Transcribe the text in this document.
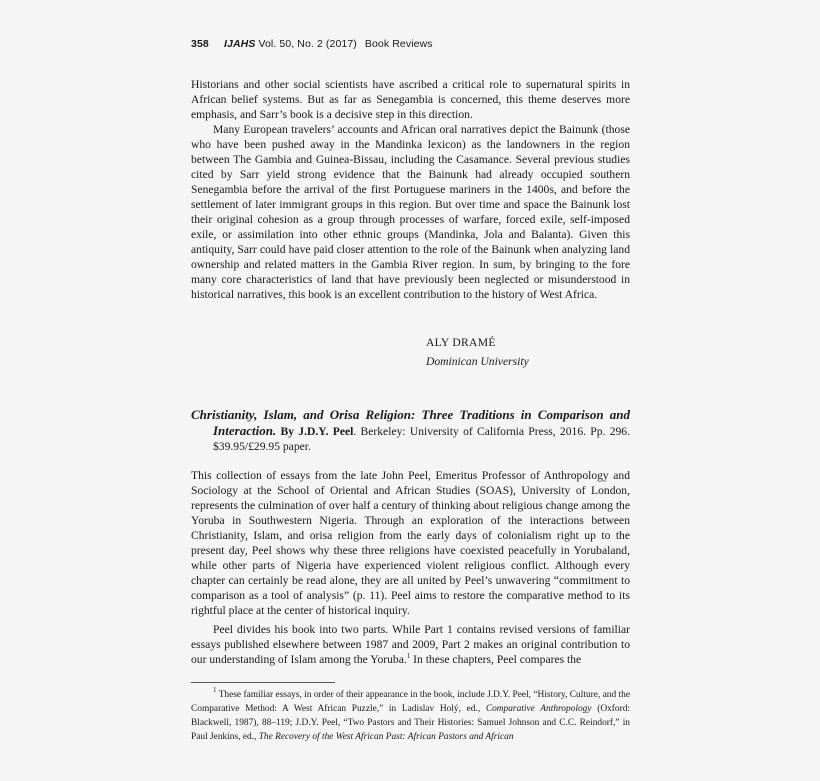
358 IJAHS Vol. 50, No. 2 (2017) Book Reviews

Historians and other social scientists have ascribed a critical role to supernatural spirits in African belief systems. But as far as Senegambia is concerned, this theme deserves more emphasis, and Sarr’s book is a decisive step in this direction.

Many European travelers’ accounts and African oral narratives depict the Bainunk (those who have been pushed away in the Mandinka lexicon) as the landowners in the region between The Gambia and Guinea-Bissau, including the Casamance. Several previous studies cited by Sarr yield strong evidence that the Bainunk had already occupied southern Senegambia before the arrival of the first Portuguese mariners in the 1400s, and before the settlement of later immigrant groups in this region. But over time and space the Bainunk lost their original cohesion as a group through processes of warfare, forced exile, self-imposed exile, or assimilation into other ethnic groups (Mandinka, Jola and Balanta). Given this antiquity, Sarr could have paid closer attention to the role of the Bainunk when analyzing land ownership and related matters in the Gambia River region. In sum, by bringing to the fore many core characteristics of land that have previously been neglected or misunderstood in historical narratives, this book is an excellent contribution to the history of West Africa.

ALY DRAMÉ
Dominican University
Christianity, Islam, and Orisa Religion: Three Traditions in Comparison and Interaction. By J.D.Y. Peel. Berkeley: University of California Press, 2016. Pp. 296. $39.95/£29.95 paper.

This collection of essays from the late John Peel, Emeritus Professor of Anthropology and Sociology at the School of Oriental and African Studies (SOAS), University of London, represents the culmination of over half a century of thinking about religious change among the Yoruba in Southwestern Nigeria. Through an exploration of the interactions between Christianity, Islam, and orisa religion from the early days of colonialism right up to the present day, Peel shows why these three religions have coexisted peacefully in Yorubaland, while other parts of Nigeria have experienced violent religious conflict. Although every chapter can certainly be read alone, they are all united by Peel’s unwavering “commitment to comparison as a tool of analysis” (p. 11). Peel aims to restore the comparative method to its rightful place at the center of historical inquiry.

Peel divides his book into two parts. While Part 1 contains revised versions of familiar essays published elsewhere between 1987 and 2009, Part 2 makes an original contribution to our understanding of Islam among the Yoruba.$^1$ In these chapters, Peel compares the

$^1$ These familiar essays, in order of their appearance in the book, include J.D.Y. Peel, “History, Culture, and the Comparative Method: A West African Puzzle,” in Ladislav Holý, ed., Comparative Anthropology (Oxford: Blackwell, 1987), 88–119; J.D.Y. Peel, “Two Pastors and Their Histories: Samuel Johnson and C.C. Reindorf,” in Paul Jenkins, ed., The Recovery of the West African Past: African Pastors and African
